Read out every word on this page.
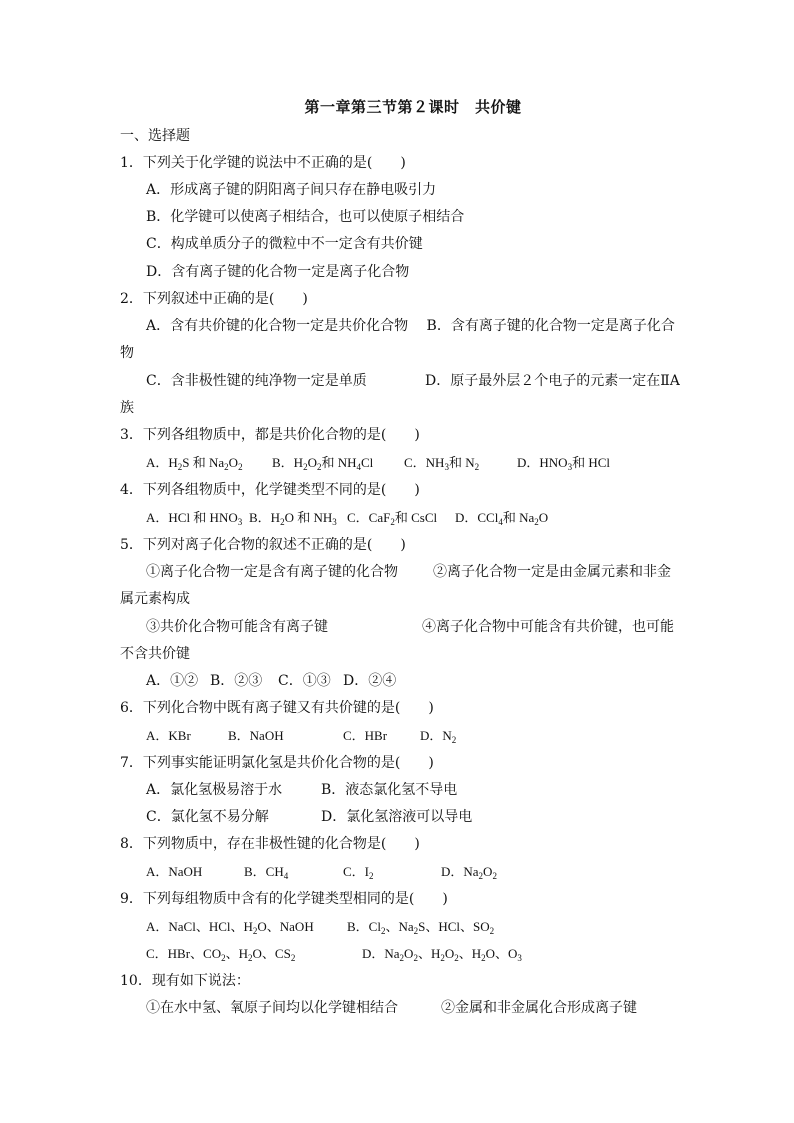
第一章第三节第２课时　共价键
一、选择题
1．下列关于化学键的说法中不正确的是(　　)
A．形成离子键的阴阳离子间只存在静电吸引力
B．化学键可以使离子相结合，也可以使原子相结合
C．构成单质分子的微粒中不一定含有共价键
D．含有离子键的化合物一定是离子化合物
2．下列叙述中正确的是(　　)
A．含有共价键的化合物一定是共价化合物　 B．含有离子键的化合物一定是离子化合
物
C．含非极性键的纯净物一定是单质	D．原子最外层２个电子的元素一定在ⅡA
族
3．下列各组物质中，都是共价化合物的是(　　)
A．$H_2S$ 和 $Na_2O_2$ B．$H_2O_2$和 $NH_4Cl$ C．$NH_3$和 $N_2$	D．$HNO_3$和 HCl
4．下列各组物质中，化学键类型不同的是(　　)
A．HCl 和 $HNO_3$ B．$H_2O$ 和 $NH_3$ C．CaF$_2$和 CsCl D．CCl$_4$和 $Na_2O$
5．下列对离子化合物的叙述不正确的是(　　)
①离子化合物一定是含有离子键的化合物	②离子化合物一定是由金属元素和非金
属元素构成
③共价化合物可能含有离子键	④离子化合物中可能含有共价键，也可能
不含共价键
A．①② B．②③ C．①③ D．②④
6．下列化合物中既有离子键又有共价键的是(　　)
A．KBr	B．NaOH	C．HBr	D．$N_2$
7．下列事实能证明氯化氢是共价化合物的是(　　)
A．氯化氢极易溶于水	B．液态氯化氢不导电
C．氯化氢不易分解	D．氯化氢溶液可以导电
8．下列物质中，存在非极性键的化合物是(　　)
A．NaOH	B．$CH_4$	C．$I_2$	D．$Na_2O_2$
9．下列每组物质中含有的化学键类型相同的是(　　)
A．NaCl、HCl、$H_2O$、NaOH	B．$Cl_2$、$Na_2S$、HCl、$SO_2$
C．HBr、$CO_2$、$H_2O$、$CS_2$	D．$Na_2O_2$、$H_2O_2$、$H_2O$、$O_3$
10．现有如下说法：
①在水中氢、氧原子间均以化学键相结合	②金属和非金属化合形成离子键
